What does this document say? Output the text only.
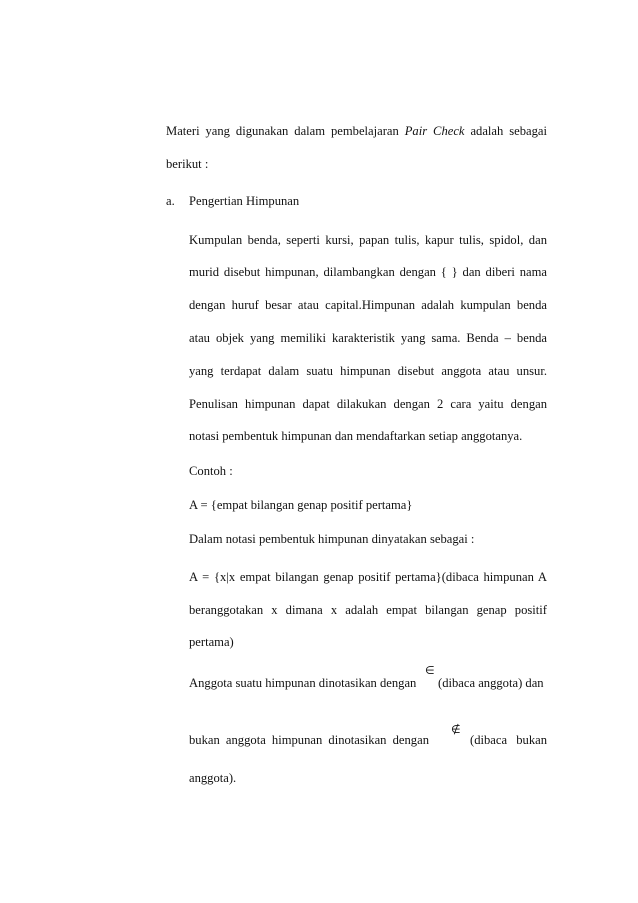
Materi yang digunakan dalam pembelajaran Pair Check adalah sebagai
berikut :
a. Pengertian Himpunan
Kumpulan benda, seperti kursi, papan tulis, kapur tulis, spidol, dan
murid disebut himpunan, dilambangkan dengan { } dan diberi nama
dengan huruf besar atau capital.Himpunan adalah kumpulan benda
atau objek yang memiliki karakteristik yang sama. Benda – benda
yang terdapat dalam suatu himpunan disebut anggota atau unsur.
Penulisan himpunan dapat dilakukan dengan 2 cara yaitu dengan
notasi pembentuk himpunan dan mendaftarkan setiap anggotanya.
Contoh :
A = {empat bilangan genap positif pertama}
Dalam notasi pembentuk himpunan dinyatakan sebagai :
A = {x|x empat bilangan genap positif pertama}(dibaca himpunan A
beranggotakan x dimana x adalah empat bilangan genap positif
pertama)
Anggota suatu himpunan dinotasikan dengan
∈
(dibaca anggota) dan
bukan anggota himpunan dinotasikan dengan
∉
(dibaca bukan
anggota).
